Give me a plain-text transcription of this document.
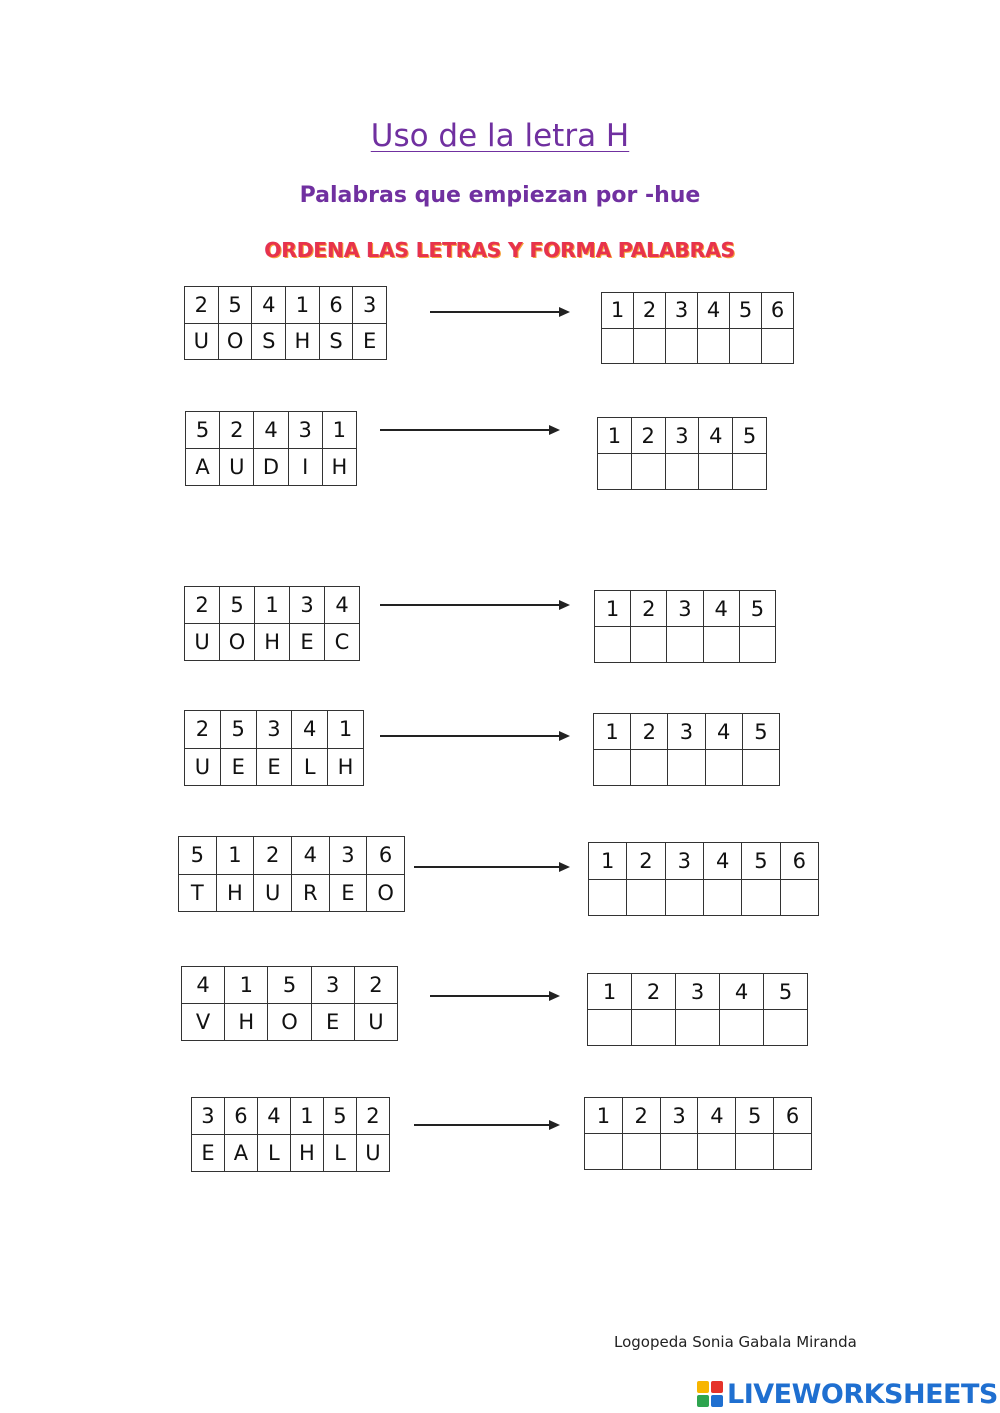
Uso de la letra H
Palabras que empiezan por -hue
ORDENA LAS LETRAS Y FORMA PALABRAS
2	5	4	1	6	3
U	O	S	H	S	E
1	2	3	4	5	6

5	2	4	3	1
A	U	D	I	H
1	2	3	4	5

2	5	1	3	4
U	O	H	E	C
1	2	3	4	5

2	5	3	4	1
U	E	E	L	H
1	2	3	4	5

5	1	2	4	3	6
T	H	U	R	E	O
1	2	3	4	5	6

4	1	5	3	2
V	H	O	E	U
1	2	3	4	5

3	6	4	1	5	2
E	A	L	H	L	U
1	2	3	4	5	6

Logopeda Sonia Gabala Miranda
LIVEWORKSHEETS
